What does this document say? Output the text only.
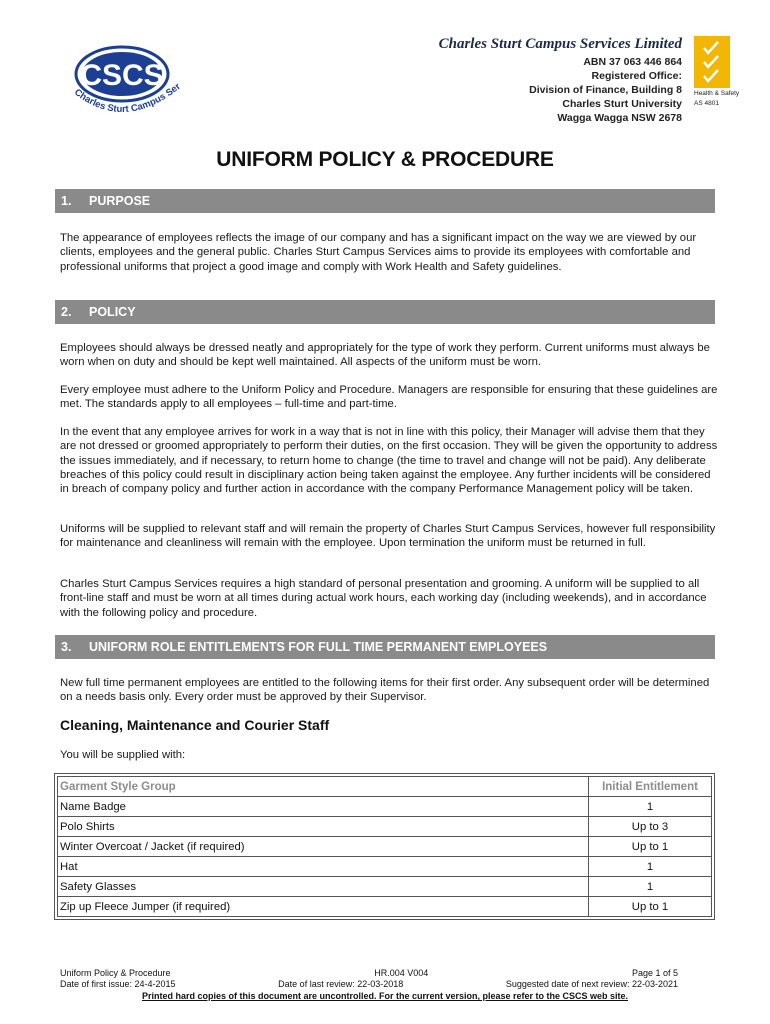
CSCS
Charles Sturt Campus Ser
Charles Sturt Campus Services Limited
ABN 37 063 446 864
Registered Office:
Division of Finance, Building 8
Charles Sturt University
Wagga Wagga NSW 2678
Health & Safety
AS 4801
UNIFORM POLICY & PROCEDURE
1. PURPOSE

The appearance of employees reflects the image of our company and has a significant impact on the way we are viewed by our clients, employees and the general public. Charles Sturt Campus Services aims to provide its employees with comfortable and professional uniforms that project a good image and comply with Work Health and Safety guidelines.

2. POLICY

Employees should always be dressed neatly and appropriately for the type of work they perform. Current uniforms must always be worn when on duty and should be kept well maintained. All aspects of the uniform must be worn.

Every employee must adhere to the Uniform Policy and Procedure. Managers are responsible for ensuring that these guidelines are met. The standards apply to all employees – full-time and part-time.

In the event that any employee arrives for work in a way that is not in line with this policy, their Manager will advise them that they are not dressed or groomed appropriately to perform their duties, on the first occasion. They will be given the opportunity to address the issues immediately, and if necessary, to return home to change (the time to travel and change will not be paid). Any deliberate breaches of this policy could result in disciplinary action being taken against the employee. Any further incidents will be considered in breach of company policy and further action in accordance with the company Performance Management policy will be taken.

Uniforms will be supplied to relevant staff and will remain the property of Charles Sturt Campus Services, however full responsibility for maintenance and cleanliness will remain with the employee. Upon termination the uniform must be returned in full.

Charles Sturt Campus Services requires a high standard of personal presentation and grooming. A uniform will be supplied to all front-line staff and must be worn at all times during actual work hours, each working day (including weekends), and in accordance with the following policy and procedure.

3. UNIFORM ROLE ENTITLEMENTS FOR FULL TIME PERMANENT EMPLOYEES

New full time permanent employees are entitled to the following items for their first order. Any subsequent order will be determined on a needs basis only. Every order must be approved by their Supervisor.

Cleaning, Maintenance and Courier Staff
You will be supplied with:
Garment Style Group	Initial Entitlement
Name Badge	1
Polo Shirts	Up to 3
Winter Overcoat / Jacket (if required)	Up to 1
Hat	1
Safety Glasses	1
Zip up Fleece Jumper (if required)	Up to 1
Uniform Policy & Procedure	HR.004 V004	Page 1 of 5
Date of first issue: 24-4-2015	Date of last review: 22-03-2018	Suggested date of next review: 22-03-2021
Printed hard copies of this document are uncontrolled. For the current version, please refer to the CSCS web site.
